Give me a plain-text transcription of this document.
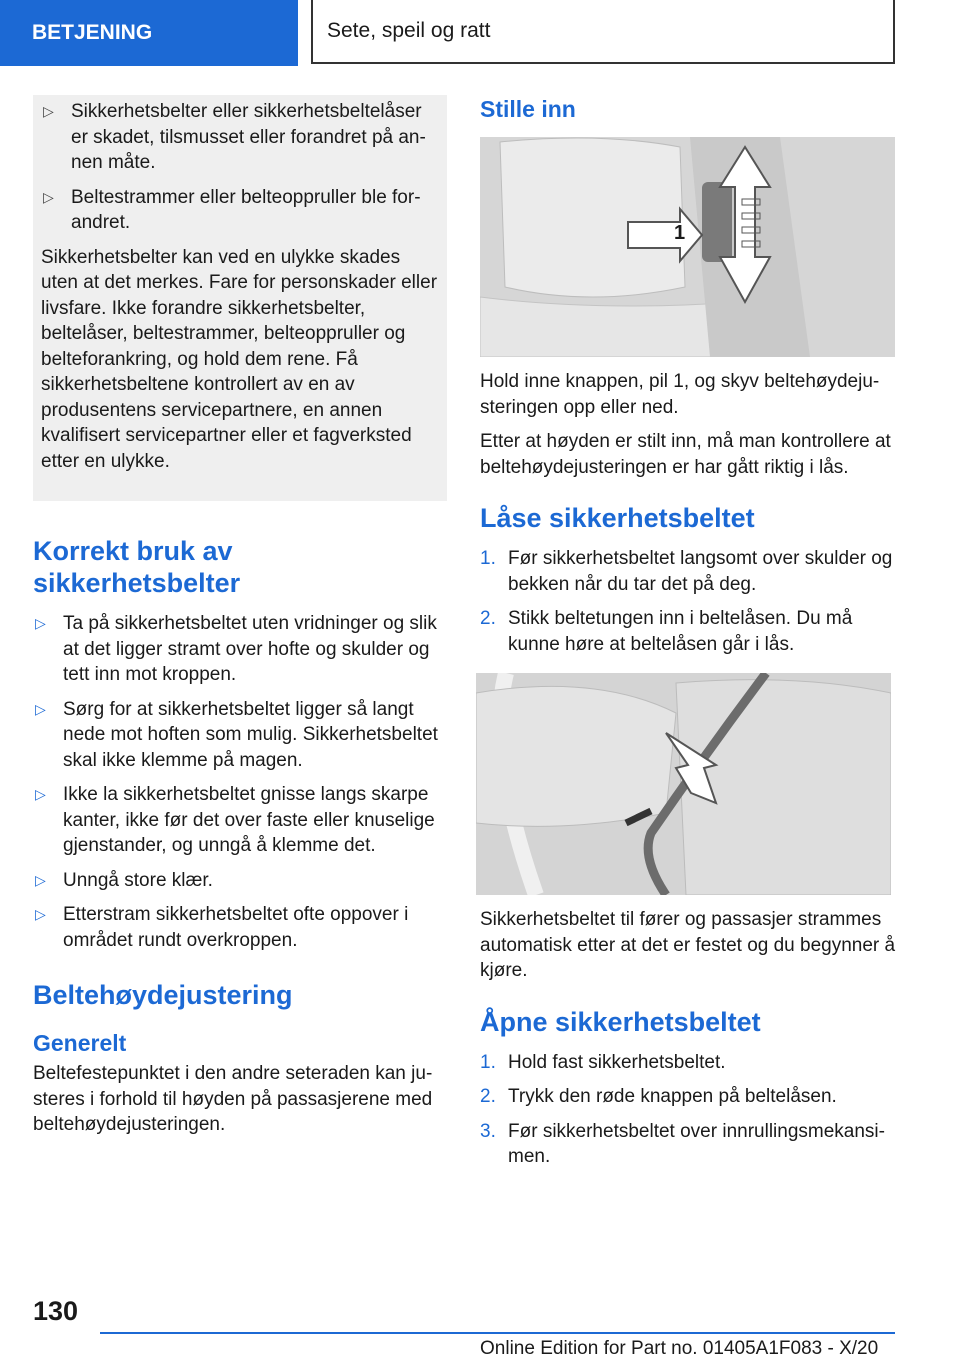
BETJENING	Sete, speil og ratt
▷ Sikkerhetsbelter eller sikkerhetsbeltelåser er skadet, tilsmusset eller forandret på annen måte.
▷ Beltestrammer eller belteoppruller ble forandret.

Sikkerhetsbelter kan ved en ulykke skades uten at det merkes. Fare for personskader eller livsfare. Ikke forandre sikkerhetsbelter, beltelåser, beltestrammer, belteoppruller og belteforankring, og hold dem rene. Få sikkerhetsbeltene kontrollert av en av produsentens servicepartnere, en annen kvalifisert servicepartner eller et fagverksted etter en ulykke.

Korrekt bruk av sikkerhetsbelter
▷ Ta på sikkerhetsbeltet uten vridninger og slik at det ligger stramt over hofte og skulder og tett inn mot kroppen.
▷ Sørg for at sikkerhetsbeltet ligger så langt nede mot hoften som mulig. Sikkerhetsbeltet skal ikke klemme på magen.
▷ Ikke la sikkerhetsbeltet gnisse langs skarpe kanter, ikke før det over faste eller knuselige gjenstander, og unngå å klemme det.
▷ Unngå store klær.
▷ Etterstram sikkerhetsbeltet ofte oppover i området rundt overkroppen.
Beltehøydejustering
Generelt

Beltefestepunktet i den andre seteraden kan justeres i forhold til høyden på passasjerene med beltehøydejusteringen.

Stille inn
1

Hold inne knappen, pil 1, og skyv beltehøydejusteringen opp eller ned.

Etter at høyden er stilt inn, må man kontrollere at beltehøydejusteringen er har gått riktig i lås.

Låse sikkerhetsbeltet
1. Før sikkerhetsbeltet langsomt over skulder og bekken når du tar det på deg.
2. Stikk beltetungen inn i beltelåsen. Du må kunne høre at beltelåsen går i lås.

Sikkerhetsbeltet til fører og passasjer strammes automatisk etter at det er festet og du begynner å kjøre.

Åpne sikkerhetsbeltet
1. Hold fast sikkerhetsbeltet.
2. Trykk den røde knappen på beltelåsen.
3. Før sikkerhetsbeltet over innrullingsmekansimen.
130
Online Edition for Part no. 01405A1F083 - X/20
